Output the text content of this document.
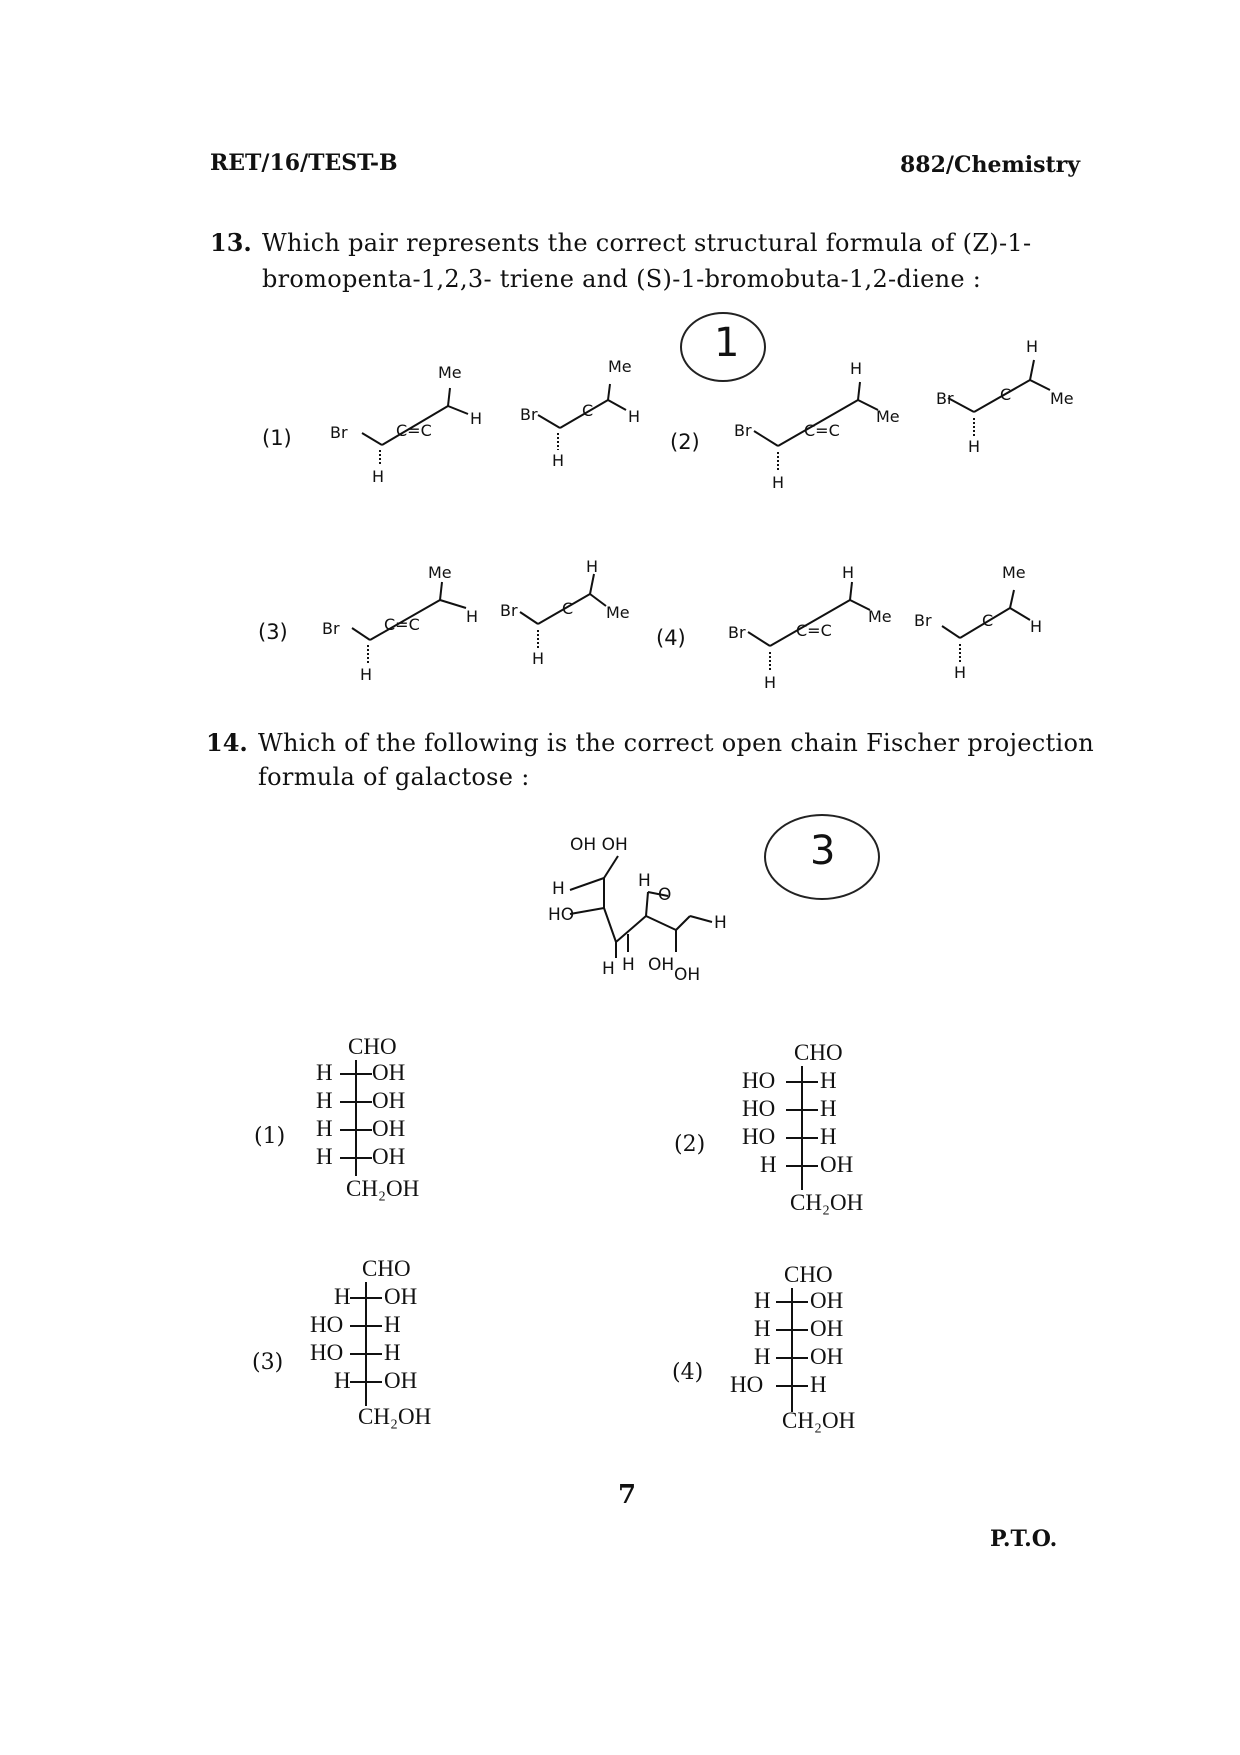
RET/16/TEST-B	882/Chemistry
13. Which pair represents the correct structural formula of (Z)-1-
bromopenta-1,2,3- triene and (S)-1-bromobuta-1,2-diene :
1
(1)	(2)
(3)	(4)
Br	C=C
Me
H
H
Br	C
Me
H
H
Br	C=C
H
Me
H
Br	C
H
Me
H
Br	C=C
Me
H
H
Br	C
H
Me
H
Br	C=C
H
Me
H
Br	C
Me
H
H
14. Which of the following is the correct open chain Fischer projection
formula of galactose :
3
OH OH
H
HO
H
O
H
H H OH OH
(1)	(2)
(3)	(4)
CHO
H OH
H OH
H OH
H OH
CH₂OH
CHO
HO H
HO H
HO H
H OH
CH₂OH
CHO
H OH
HO H
HO H
H OH
CH₂OH
CHO
H OH
H OH
H OH
HO H
CH₂OH
7
P.T.O.
